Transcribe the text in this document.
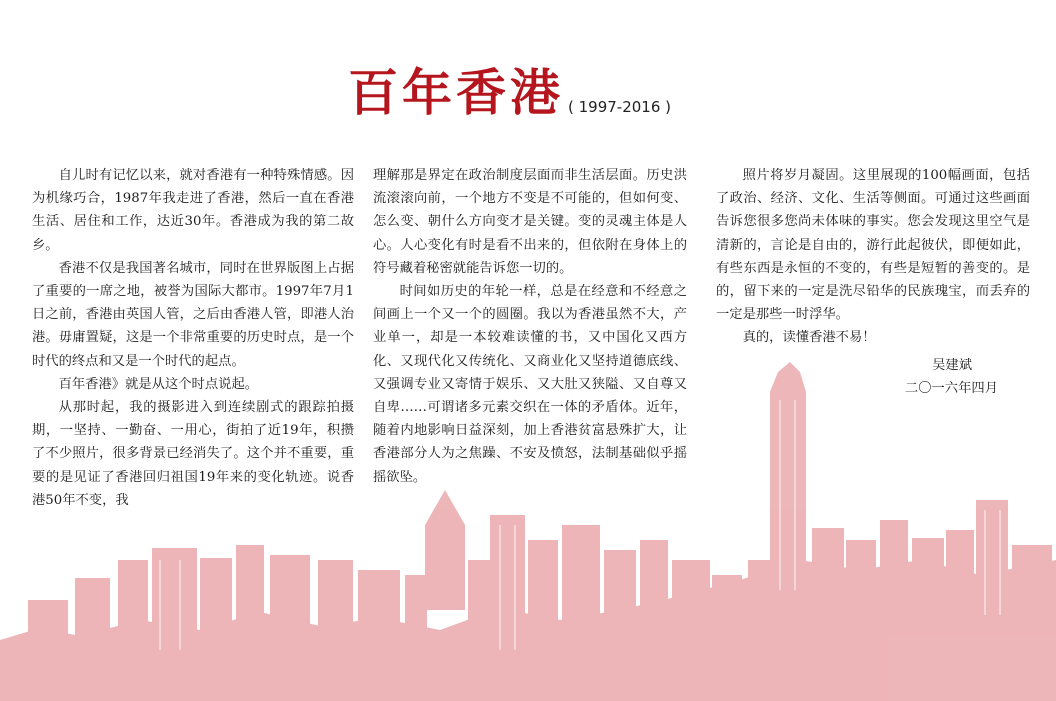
百年香港 ( 1997-2016 )

自儿时有记忆以来，就对香港有一种特殊情感。因为机缘巧合，1987年我走进了香港，然后一直在香港生活、居住和工作，达近30年。香港成为我的第二故乡。

香港不仅是我国著名城市，同时在世界版图上占据了重要的一席之地，被誉为国际大都市。1997年7月1日之前，香港由英国人管，之后由香港人管，即港人治港。毋庸置疑，这是一个非常重要的历史时点，是一个时代的终点和又是一个时代的起点。

百年香港》就是从这个时点说起。

从那时起，我的摄影进入到连续剧式的跟踪拍摄期，一坚持、一勤奋、一用心，街拍了近19年，积攒了不少照片，很多背景已经消失了。这个并不重要，重要的是见证了香港回归祖国19年来的变化轨迹。说香港50年不变，我

理解那是界定在政治制度层面而非生活层面。历史洪流滚滚向前，一个地方不变是不可能的，但如何变、怎么变、朝什么方向变才是关键。变的灵魂主体是人心。人心变化有时是看不出来的，但依附在身体上的符号藏着秘密就能告诉您一切的。

时间如历史的年轮一样，总是在经意和不经意之间画上一个又一个的圆圈。我以为香港虽然不大，产业单一，却是一本较难读懂的书，又中国化又西方化、又现代化又传统化、又商业化又坚持道德底线、又强调专业又寄情于娱乐、又大肚又狭隘、又自尊又自卑……可谓诸多元素交织在一体的矛盾体。近年，随着内地影响日益深刻，加上香港贫富悬殊扩大，让香港部分人为之焦躁、不安及愤怒，法制基础似乎摇摇欲坠。

照片将岁月凝固。这里展现的100幅画面，包括了政治、经济、文化、生活等侧面。可通过这些画面告诉您很多您尚未体味的事实。您会发现这里空气是清新的，言论是自由的，游行此起彼伏，即便如此，有些东西是永恒的不变的，有些是短暂的善变的。是的，留下来的一定是洗尽铅华的民族瑰宝，而丢弃的一定是那些一时浮华。

真的，读懂香港不易！

吴建斌
二〇一六年四月
